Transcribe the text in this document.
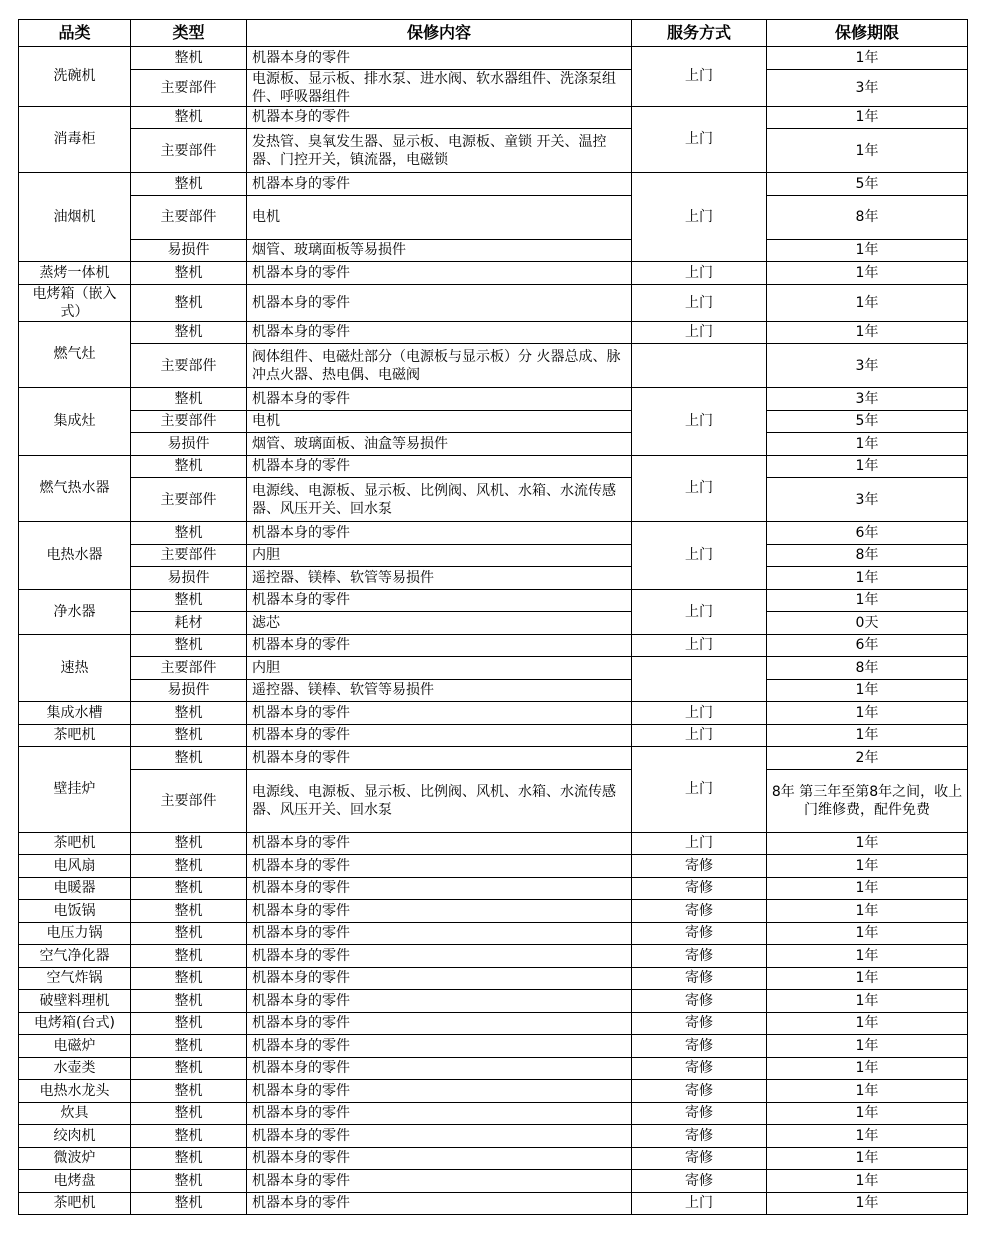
品类	类型	保修内容	服务方式	保修期限
洗碗机	整机	机器本身的零件	上门	1年
	主要部件	电源板、显示板、排水泵、进水阀、软水器组件、洗涤泵组件、呼吸器组件		3年
消毒柜	整机	机器本身的零件	上门	1年
	主要部件	发热管、臭氧发生器、显示板、电源板、童锁 开关、温控器、门控开关，镇流器，电磁锁		1年
油烟机	整机	机器本身的零件	上门	5年
	主要部件	电机		8年
	易损件	烟管、玻璃面板等易损件		1年
蒸烤一体机	整机	机器本身的零件	上门	1年
电烤箱（嵌入式）	整机	机器本身的零件	上门	1年
燃气灶	整机	机器本身的零件	上门	1年
	主要部件	阀体组件、电磁灶部分（电源板与显示板）分 火器总成、脉冲点火器、热电偶、电磁阀		3年
集成灶	整机	机器本身的零件	上门	3年
	主要部件	电机		5年
	易损件	烟管、玻璃面板、油盒等易损件		1年
燃气热水器	整机	机器本身的零件	上门	1年
	主要部件	电源线、电源板、显示板、比例阀、风机、水箱、水流传感器、风压开关、回水泵		3年
电热水器	整机	机器本身的零件	上门	6年
	主要部件	内胆		8年
	易损件	遥控器、镁棒、软管等易损件		1年
净水器	整机	机器本身的零件	上门	1年
	耗材	滤芯		0天
速热	整机	机器本身的零件	上门	6年
	主要部件	内胆		8年
	易损件	遥控器、镁棒、软管等易损件		1年
集成水槽	整机	机器本身的零件	上门	1年
茶吧机	整机	机器本身的零件	上门	1年
壁挂炉	整机	机器本身的零件	上门	2年
	主要部件	电源线、电源板、显示板、比例阀、风机、水箱、水流传感器、风压开关、回水泵		8年 第三年至第8年之间，收上门维修费，配件免费
茶吧机	整机	机器本身的零件	上门	1年
电风扇	整机	机器本身的零件	寄修	1年
电暖器	整机	机器本身的零件	寄修	1年
电饭锅	整机	机器本身的零件	寄修	1年
电压力锅	整机	机器本身的零件	寄修	1年
空气净化器	整机	机器本身的零件	寄修	1年
空气炸锅	整机	机器本身的零件	寄修	1年
破壁料理机	整机	机器本身的零件	寄修	1年
电烤箱(台式)	整机	机器本身的零件	寄修	1年
电磁炉	整机	机器本身的零件	寄修	1年
水壶类	整机	机器本身的零件	寄修	1年
电热水龙头	整机	机器本身的零件	寄修	1年
炊具	整机	机器本身的零件	寄修	1年
绞肉机	整机	机器本身的零件	寄修	1年
微波炉	整机	机器本身的零件	寄修	1年
电烤盘	整机	机器本身的零件	寄修	1年
茶吧机	整机	机器本身的零件	上门	1年
